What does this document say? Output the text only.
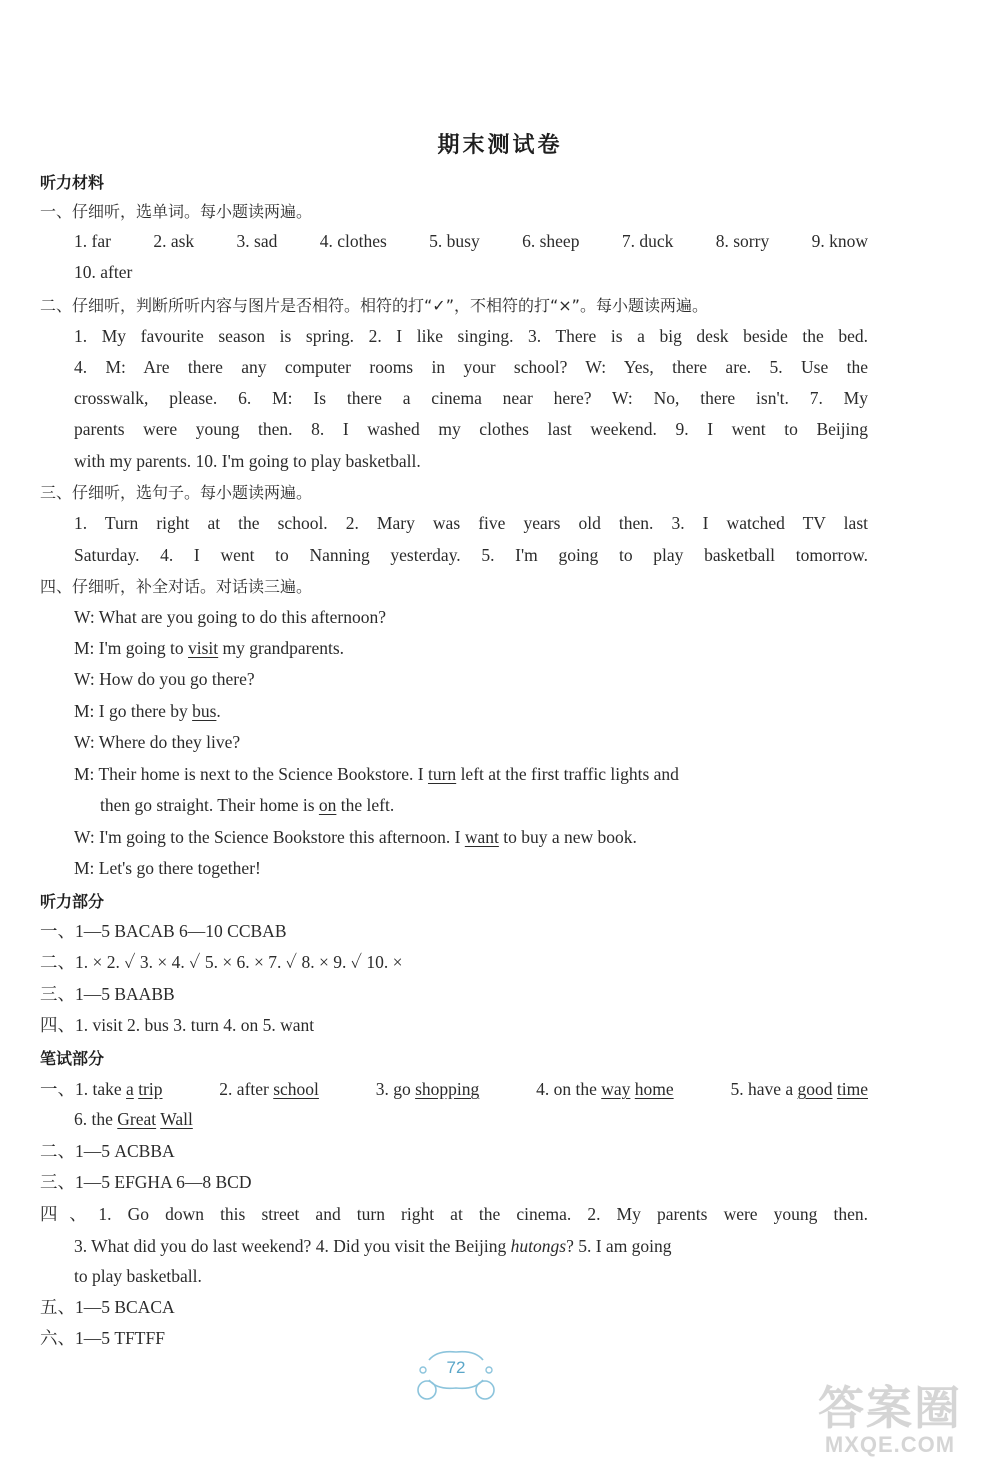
期末测试卷
听力材料
一、仔细听，选单词。每小题读两遍。
1. far 2. ask 3. sad 4. clothes 5. busy 6. sheep 7. duck 8. sorry 9. know
10. after
二、仔细听，判断所听内容与图片是否相符。相符的打“✓”，不相符的打“×”。每小题读两遍。
1. My favourite season is spring. 2. I like singing. 3. There is a big desk beside the bed.
4. M: Are there any computer rooms in your school? W: Yes, there are. 5. Use the
crosswalk, please. 6. M: Is there a cinema near here? W: No, there isn't. 7. My
parents were young then. 8. I washed my clothes last weekend. 9. I went to Beijing
with my parents. 10. I'm going to play basketball.
三、仔细听，选句子。每小题读两遍。
1. Turn right at the school. 2. Mary was five years old then. 3. I watched TV last
Saturday. 4. I went to Nanning yesterday. 5. I'm going to play basketball tomorrow.
四、仔细听，补全对话。对话读三遍。
W: What are you going to do this afternoon?
M: I'm going to visit my grandparents.
W: How do you go there?
M: I go there by bus.
W: Where do they live?
M: Their home is next to the Science Bookstore. I turn left at the first traffic lights and
then go straight. Their home is on the left.
W: I'm going to the Science Bookstore this afternoon. I want to buy a new book.
M: Let's go there together!
听力部分
一、1—5 BACAB 6—10 CCBAB
二、1. × 2. ✓ 3. × 4. ✓ 5. × 6. × 7. ✓ 8. × 9. ✓ 10. ×
三、1—5 BAABB
四、1. visit 2. bus 3. turn 4. on 5. want
笔试部分
一、1. take a trip	2. after school	3. go shopping	4. on the way home	5. have a good time
6. the Great Wall
二、1—5 ACBBA
三、1—5 EFGHA 6—8 BCD
四、1. Go down this street and turn right at the cinema. 2. My parents were young then.
3. What did you do last weekend? 4. Did you visit the Beijing hutongs? 5. I am going
to play basketball.
五、1—5 BCACA
六、1—5 TFTFF
72
答案圈
MXQE.COM
